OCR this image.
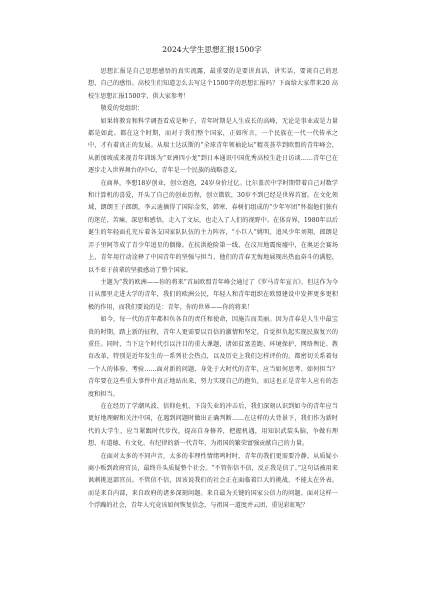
2024大学生思想汇报1500字

思想汇报是自己思想感悟的真实流露，最重要的是要讲真话，讲实话，要谈自己的思想，自己的感悟。高校生们知道怎么去写这个1500字的思想汇报吗？下面给大家带来20 高校生思想汇报1500字，供大家参考！

敬爱的党组织：

如果将教育和科学调查看成是种子，青年时期是人生成长的高峰，无论是事业或是力量都是如此。都在这个时期，而对于我们整个国家，正如所言，一个民族在一代一代传承之中，才有着真正的发展。从瑞士达沃斯的“全球青年领袖论坛”精英荟萃到欧盟的青年峰会，从新加坡成来视青年训练为“亚洲四小龙”到日本通讯中国优秀高校生赴日访谈……青年已在逐步走入世界舞台的中心，青年是一个民族的战略意义。

在商界，李想18岁创业，创立泡泡，24岁身价过亿。比尔盖茨中学时期带着自己对数学和计算机的喜爱，开头了自己的创业历程，创立微软，30岁不到已经是世界首富。在文化领域，朗朗王子郎朗，李云迪摘得了国际金奖，韩寒、春树们组成的“少年军团”怀揣他们独有的迷茫、苦痛、深思和感悟，走入了文坛，也走入了人们的视野中。在体育界，1980年以后诞生的年轻面孔充斥着各支国家队队伍的主力阵容，“小巨人”姚明、追风少年刘翔，郎朗是弄子里阿等成了青少年追星的偶像。在抗洪抢险第一线、在汶川地震废墟中，在奥运会赛场上，青年用行动诠释了中国青年的坚强与担当，他们的青春无悔地展现出热血奋斗的满腔，以不亚于前辈的坚毅感动了整个国家。

主题为“我的欧洲——你的将来”首届欧盟青年峰会通过了《罗马青年宣言》，但这作为今日从那里走进大学的青年，我们的欧洲公民，年轻人和青年组织在欧盟建设中发挥更多更积极的作用，而我们要说的是：青年，你的世界——你的将来！

如今，每一代的青年都担负各自的责任和使命，因施告而美丽。因为青春是人生中最宝贵的时期，踏上新的征程，青年人更需要以百倍的激情和坚定，自觉担负起实现民族复兴的重任。同时，当下这个时代引以注目的重大课题，诸如贫富差距、环境保护、网络舆论、教育改革，特别是近年发生的一系列社会热点，以及历史上我们怎样评价的，都密切关系着每一个人的体验、考验……面对新的问题，身处于大时代的青年，应当如何思考、如何担当？青年要在这些重大事件中真正地站出来，努力实现自己的抱负，而这也正是青年人应有的态度和担当。

在在经历了学潮风波、信仰危机、下岗失业的冲击后，我们深刻认识到如今的青年应当更好地理解和关注中国，在遇到问题时做出正确判断……在这样的大背景下，我们作为新时代的大学生，应当紧跟时代步伐，提高自身修养，把握机遇，用知识武装头脑，争做有理想、有道德、有文化、有纪律的新一代青年，为祖国的繁荣富强贡献自己的力量。

在面对太多的不同声音，太多的非理性情绪鸣时时，青年的我们更需要冷静。从质疑小商小贩到政府官员，最终升头质疑整个社会。“不管你信不信，反正我是信了。”这句话被用来讽刺挑逗部官员。不管信不信，因该说我们的社会正在面临着巨大的挑战，不能太在外表。而是来自内部，来自政府的诸多深刻问题。来自最为关键的国家公信力的问题。面对这样一个浮躁的社会，青年人究竟该如何恢复信念，与祖国一道度并云团，重见彩虹呢？
